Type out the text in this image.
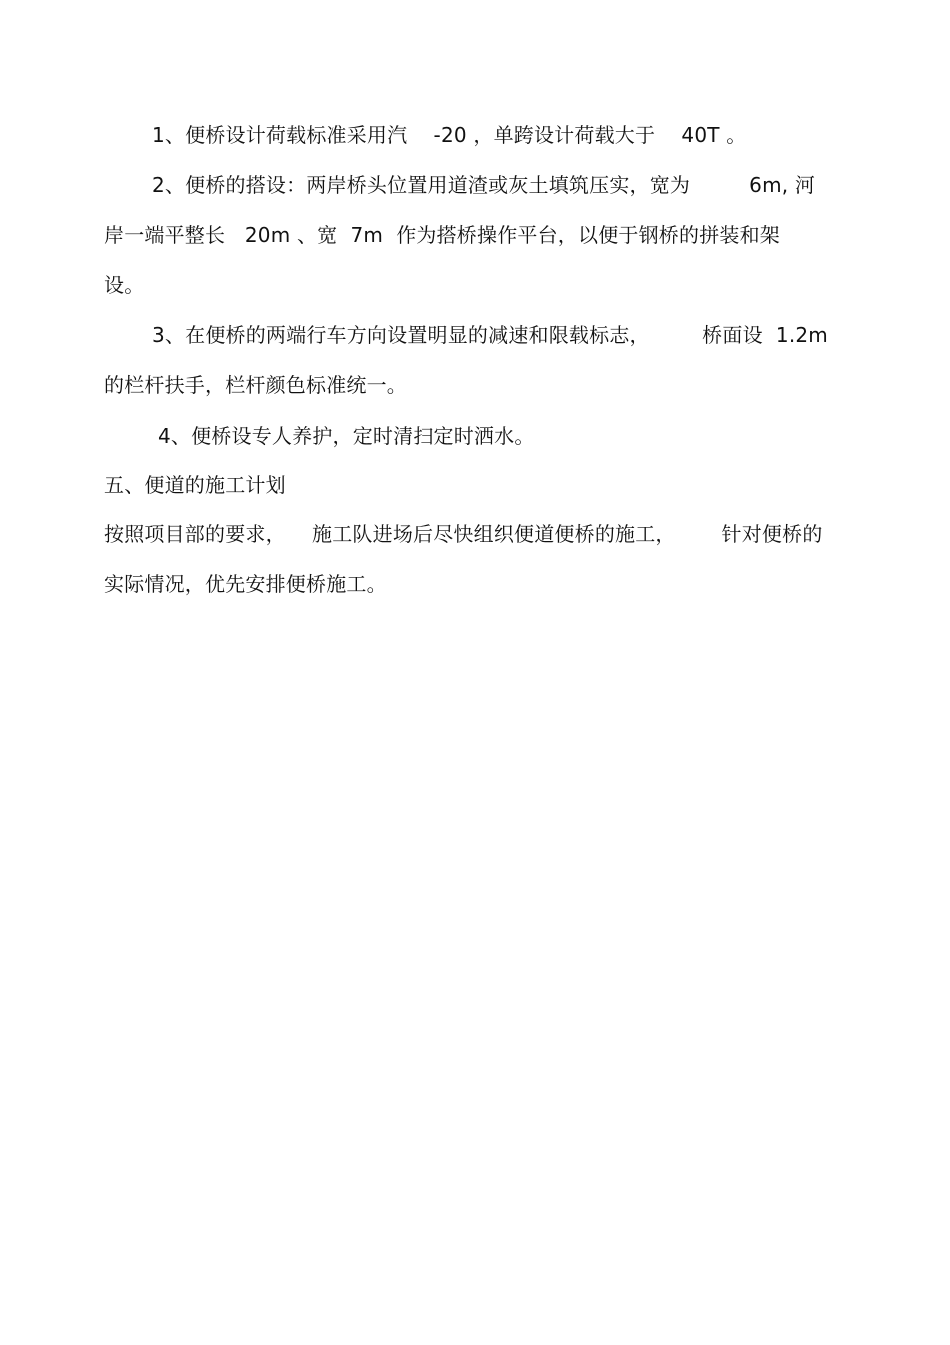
1、便桥设计荷载标准采用汽    -20 ，单跨设计荷载大于    40T 。
2、便桥的搭设：两岸桥头位置用道渣或灰土填筑压实，宽为         6m, 河
岸一端平整长   20m 、宽  7m  作为搭桥操作平台，以便于钢桥的拼装和架
设。
3、在便桥的两端行车方向设置明显的减速和限载标志，        桥面设  1.2m
的栏杆扶手，栏杆颜色标准统一。
4、便桥设专人养护，定时清扫定时洒水。
五、便道的施工计划
按照项目部的要求，    施工队进场后尽快组织便道便桥的施工，       针对便桥的
实际情况，优先安排便桥施工。
